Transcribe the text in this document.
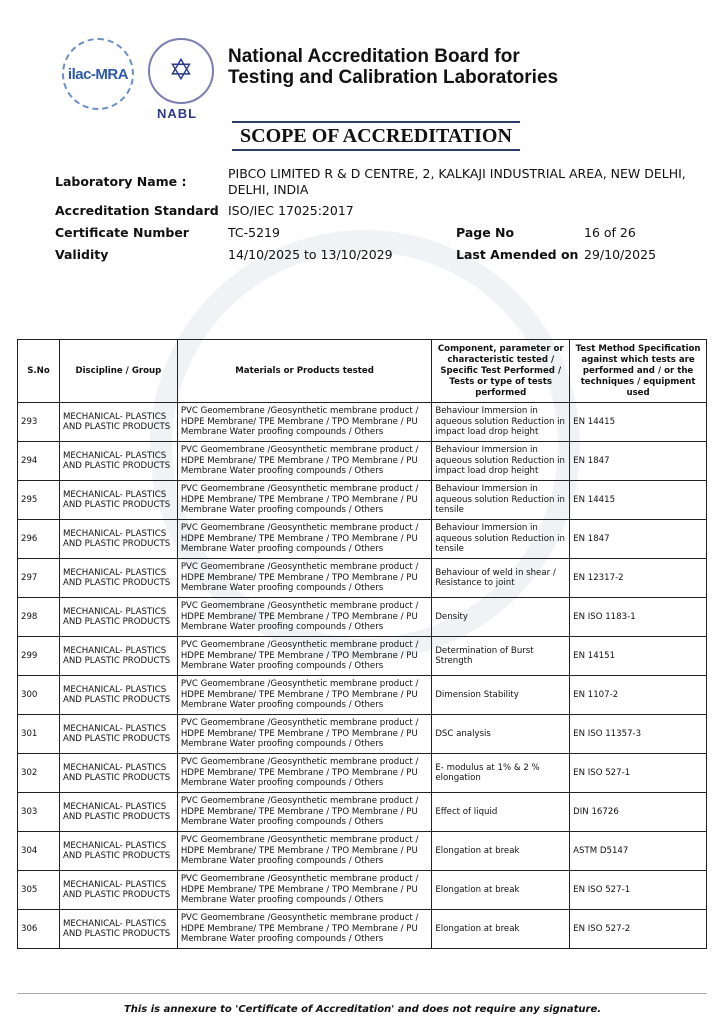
ilac-MRA ✡
NABL
National Accreditation Board for
Testing and Calibration Laboratories
SCOPE OF ACCREDITATION
Laboratory Name :
PIBCO LIMITED R & D CENTRE, 2, KALKAJI INDUSTRIAL AREA, NEW DELHI,
DELHI, INDIA
Accreditation Standard ISO/IEC 17025:2017
Certificate Number	TC-5219	Page No	16 of 26
Validity	14/10/2025 to 13/10/2029	Last Amended on 29/10/2025
S.No	Discipline / Group	Materials or Products tested	Component, parameter or characteristic tested / Specific Test Performed / Tests or type of tests performed	Test Method Specification against which tests are performed and / or the techniques / equipment used
293	MECHANICAL- PLASTICS AND PLASTIC PRODUCTS	PVC Geomembrane /Geosynthetic membrane product / HDPE Membrane/ TPE Membrane / TPO Membrane / PU Membrane Water proofing compounds / Others	Behaviour Immersion in aqueous solution Reduction in impact load drop height	EN 14415
294	MECHANICAL- PLASTICS AND PLASTIC PRODUCTS	PVC Geomembrane /Geosynthetic membrane product / HDPE Membrane/ TPE Membrane / TPO Membrane / PU Membrane Water proofing compounds / Others	Behaviour Immersion in aqueous solution Reduction in impact load drop height	EN 1847
295	MECHANICAL- PLASTICS AND PLASTIC PRODUCTS	PVC Geomembrane /Geosynthetic membrane product / HDPE Membrane/ TPE Membrane / TPO Membrane / PU Membrane Water proofing compounds / Others	Behaviour Immersion in aqueous solution Reduction in tensile	EN 14415
296	MECHANICAL- PLASTICS AND PLASTIC PRODUCTS	PVC Geomembrane /Geosynthetic membrane product / HDPE Membrane/ TPE Membrane / TPO Membrane / PU Membrane Water proofing compounds / Others	Behaviour Immersion in aqueous solution Reduction in tensile	EN 1847
297	MECHANICAL- PLASTICS AND PLASTIC PRODUCTS	PVC Geomembrane /Geosynthetic membrane product / HDPE Membrane/ TPE Membrane / TPO Membrane / PU Membrane Water proofing compounds / Others	Behaviour of weld in shear / Resistance to joint	EN 12317-2
298	MECHANICAL- PLASTICS AND PLASTIC PRODUCTS	PVC Geomembrane /Geosynthetic membrane product / HDPE Membrane/ TPE Membrane / TPO Membrane / PU Membrane Water proofing compounds / Others	Density	EN ISO 1183-1
299	MECHANICAL- PLASTICS AND PLASTIC PRODUCTS	PVC Geomembrane /Geosynthetic membrane product / HDPE Membrane/ TPE Membrane / TPO Membrane / PU Membrane Water proofing compounds / Others	Determination of Burst Strength	EN 14151
300	MECHANICAL- PLASTICS AND PLASTIC PRODUCTS	PVC Geomembrane /Geosynthetic membrane product / HDPE Membrane/ TPE Membrane / TPO Membrane / PU Membrane Water proofing compounds / Others	Dimension Stability	EN 1107-2
301	MECHANICAL- PLASTICS AND PLASTIC PRODUCTS	PVC Geomembrane /Geosynthetic membrane product / HDPE Membrane/ TPE Membrane / TPO Membrane / PU Membrane Water proofing compounds / Others	DSC analysis	EN ISO 11357-3
302	MECHANICAL- PLASTICS AND PLASTIC PRODUCTS	PVC Geomembrane /Geosynthetic membrane product / HDPE Membrane/ TPE Membrane / TPO Membrane / PU Membrane Water proofing compounds / Others	E- modulus at 1% & 2 % elongation	EN ISO 527-1
303	MECHANICAL- PLASTICS AND PLASTIC PRODUCTS	PVC Geomembrane /Geosynthetic membrane product / HDPE Membrane/ TPE Membrane / TPO Membrane / PU Membrane Water proofing compounds / Others	Effect of liquid	DIN 16726
304	MECHANICAL- PLASTICS AND PLASTIC PRODUCTS	PVC Geomembrane /Geosynthetic membrane product / HDPE Membrane/ TPE Membrane / TPO Membrane / PU Membrane Water proofing compounds / Others	Elongation at break	ASTM D5147
305	MECHANICAL- PLASTICS AND PLASTIC PRODUCTS	PVC Geomembrane /Geosynthetic membrane product / HDPE Membrane/ TPE Membrane / TPO Membrane / PU Membrane Water proofing compounds / Others	Elongation at break	EN ISO 527-1
306	MECHANICAL- PLASTICS AND PLASTIC PRODUCTS	PVC Geomembrane /Geosynthetic membrane product / HDPE Membrane/ TPE Membrane / TPO Membrane / PU Membrane Water proofing compounds / Others	Elongation at break	EN ISO 527-2
This is annexure to 'Certificate of Accreditation' and does not require any signature.
